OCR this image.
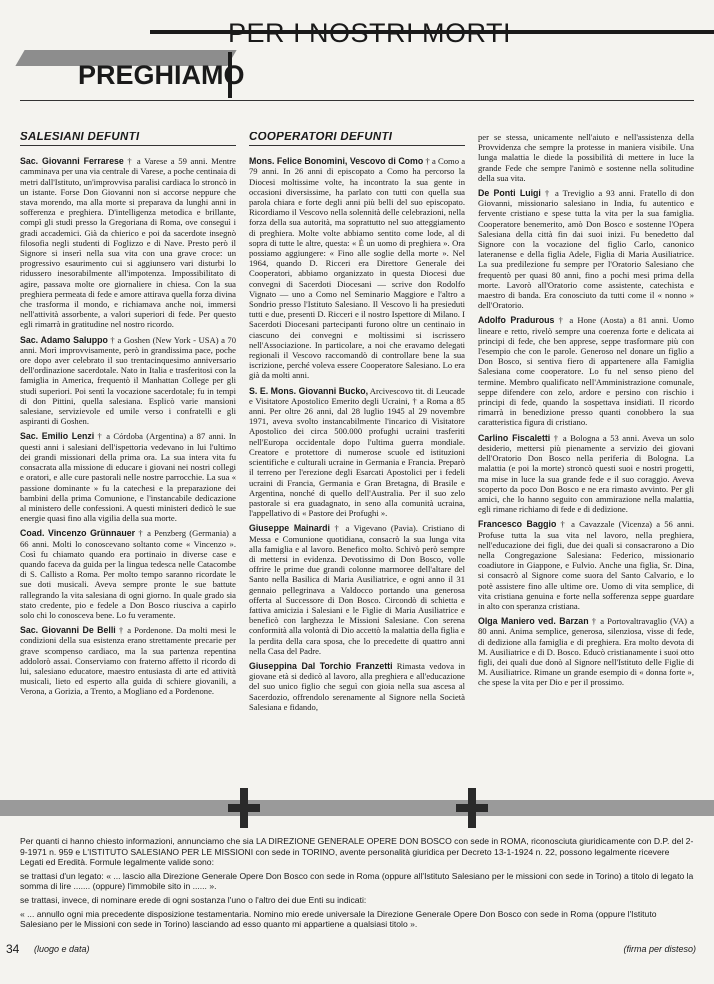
PER I NOSTRI MORTI
PREGHIAMO
SALESIANI DEFUNTI

Sac. Giovanni Ferrarese † a Varese a 59 anni. Mentre camminava per una via centrale di Varese, a poche centinaia di metri dall'Istituto, un'improvvisa paralisi cardiaca lo stroncò in un istante. Forse Don Giovanni non si accorse neppure che stava morendo, ma alla morte si preparava da lunghi anni in sofferenza e preghiera. D'intelligenza metodica e brillante, compì gli studi presso la Gregoriana di Roma, ove conseguì i gradi accademici. Già da chierico e poi da sacerdote insegnò filosofia negli studenti di Foglizzo e di Nave. Presto però il Signore si inserì nella sua vita con una grave croce: un progressivo esaurimento cui si aggiunsero vari disturbi lo ridussero inesorabilmente all'impotenza. Impossibilitato di agire, passava molte ore giornaliere in chiesa. Con la sua preghiera permeata di fede e amore attirava quella forza divina che trasforma il mondo, e richiamava anche noi, immersi nell'attività assorbente, a valori superiori di fede. Per questo egli rimarrà in gratitudine nel nostro ricordo.

Sac. Adamo Saluppo † a Goshen (New York - USA) a 70 anni. Morì improvvisamente, però in grandissima pace, poche ore dopo aver celebrato il suo trentacinquesimo anniversario dell'ordinazione sacerdotale. Nato in Italia e trasferitosi con la famiglia in America, frequentò il Manhattan College per gli studi superiori. Poi sentì la vocazione sacerdotale; fu in tempi di don Pittini, quella salesiana. Esplicò varie mansioni salesiane, servizievole ed umile verso i confratelli e gli aspiranti di Goshen.

Sac. Emilio Lenzi † a Córdoba (Argentina) a 87 anni. In questi anni i salesiani dell'ispettoria vedevano in lui l'ultimo dei grandi missionari della prima ora. La sua intera vita fu consacrata alla missione di educare i giovani nei nostri collegi e oratori, e alle cure pastorali nelle nostre parrocchie. La sua « passione dominante » fu la catechesi e la preparazione dei bambini della prima Comunione, e l'instancabile dedicazione al ministero delle confessioni. A questi ministeri dedicò le sue energie quasi fino alla vigilia della sua morte.

Coad. Vincenzo Grünnauer † a Penzberg (Germania) a 66 anni. Molti lo conoscevano soltanto come « Vincenzo ». Così fu chiamato quando era portinaio in diverse case e quando faceva da guida per la lingua tedesca nelle Catacombe di S. Callisto a Roma. Per molto tempo saranno ricordate le sue doti musicali. Aveva sempre pronte le sue battute rallegrando la vita salesiana di ogni giorno. In quale grado sia stato credente, pio e fedele a Don Bosco riusciva a capirlo solo chi lo conosceva bene. Lo fu veramente.

Sac. Giovanni De Belli † a Pordenone. Da molti mesi le condizioni della sua esistenza erano strettamente precarie per grave scompenso cardiaco, ma la sua partenza repentina addolorò assai. Conserviamo con fraterno affetto il ricordo di lui, salesiano educatore, maestro entusiasta di arte ed attività musicali, lieto ed esperto alla guida di schiere giovanili, a Verona, a Gorizia, a Trento, a Mogliano ed a Pordenone.

COOPERATORI DEFUNTI

Mons. Felice Bonomini, Vescovo di Como † a Como a 79 anni. In 26 anni di episcopato a Como ha percorso la Diocesi moltissime volte, ha incontrato la sua gente in occasioni diversissime, ha parlato con tutti con quella sua parola chiara e forte degli anni più belli del suo episcopato. Ricordiamo il Vescovo nella solennità delle celebrazioni, nella forza della sua autorità, ma soprattutto nel suo atteggiamento di preghiera. Molte volte abbiamo sentito come lode, al di sopra di tutte le altre, questa: « È un uomo di preghiera ». Ora possiamo aggiungere: « Fino alle soglie della morte ». Nel 1964, quando D. Ricceri era Direttore Generale dei Cooperatori, abbiamo organizzato in questa Diocesi due convegni di Sacerdoti Diocesani — scrive don Rodolfo Vignato — uno a Como nel Seminario Maggiore e l'altro a Sondrio presso l'Istituto Salesiano. Il Vescovo li ha presieduti tutti e due, presenti D. Ricceri e il nostro Ispettore di Milano. I Sacerdoti Diocesani partecipanti furono oltre un centinaio in ciascuno dei convegni e moltissimi si iscrissero nell'Associazione. In particolare, a noi che eravamo delegati regionali il Vescovo raccomandò di controllare bene la sua iscrizione, perché voleva essere Cooperatore Salesiano. Lo era già da molti anni.

S. E. Mons. Giovanni Bucko, Arcivescovo tit. di Leucade e Visitatore Apostolico Emerito degli Ucraini, † a Roma a 85 anni. Per oltre 26 anni, dal 28 luglio 1945 al 29 novembre 1971, aveva svolto instancabilmente l'incarico di Visitatore Apostolico dei circa 500.000 profughi ucraini trasferiti nell'Europa occidentale dopo l'ultima guerra mondiale. Creatore e protettore di numerose scuole ed istituzioni scientifiche e culturali ucraine in Germania e Francia. Preparò il terreno per l'erezione degli Esarcati Apostolici per i fedeli ucraini di Francia, Germania e Gran Bretagna, di Brasile e Argentina, nonché di quello dell'Australia. Per il suo zelo pastorale si era guadagnato, in seno alla comunità ucraina, l'appellativo di « Pastore dei Profughi ».

Giuseppe Mainardi † a Vigevano (Pavia). Cristiano di Messa e Comunione quotidiana, consacrò la sua lunga vita alla famiglia e al lavoro. Benefico molto. Schivò però sempre di mettersi in evidenza. Devotissimo di Don Bosco, volle offrire le prime due grandi colonne marmoree dell'altare del Santo nella Basilica di Maria Ausiliatrice, e ogni anno il 31 gennaio pellegrinava a Valdocco portando una generosa offerta al Successore di Don Bosco. Circondò di schietta e fattiva amicizia i Salesiani e le Figlie di Maria Ausiliatrice e beneficò con larghezza le Missioni Salesiane. Con serena conformità alla volontà di Dio accettò la malattia della figlia e la perdita della cara sposa, che lo precedette di quattro anni nella Casa del Padre.

Giuseppina Dal Torchio Franzetti Rimasta vedova in giovane età si dedicò al lavoro, alla preghiera e all'educazione del suo unico figlio che seguì con gioia nella sua ascesa al Sacerdozio, offrendolo serenamente al Signore nella Società Salesiana e fidando,

per se stessa, unicamente nell'aiuto e nell'assistenza della Provvidenza che sempre la protesse in maniera visibile. Una lunga malattia le diede la possibilità di mettere in luce la grande Fede che sempre l'animò e sostenne nella solitudine della sua vita.

De Ponti Luigi † a Treviglio a 93 anni. Fratello di don Giovanni, missionario salesiano in India, fu autentico e fervente cristiano e spese tutta la vita per la sua famiglia. Cooperatore benemerito, amò Don Bosco e sostenne l'Opera Salesiana della città fin dai suoi inizi. Fu benedetto dal Signore con la vocazione del figlio Carlo, canonico lateranense e della figlia Adele, Figlia di Maria Ausiliatrice. La sua predilezione fu sempre per l'Oratorio Salesiano che frequentò per quasi 80 anni, fino a pochi mesi prima della morte. Lavorò all'Oratorio come assistente, catechista e maestro di banda. Era conosciuto da tutti come il « nonno » dell'Oratorio.

Adolfo Pradurous † a Hone (Aosta) a 81 anni. Uomo lineare e retto, rivelò sempre una coerenza forte e delicata ai principi di fede, che ben apprese, seppe trasformare più con l'esempio che con le parole. Generoso nel donare un figlio a Don Bosco, si sentiva fiero di appartenere alla Famiglia Salesiana come cooperatore. Lo fu nel senso pieno del termine. Membro qualificato nell'Amministrazione comunale, seppe difendere con zelo, ardore e persino con rischio i principi di fede, quando la sospettava insidiati. Il ricordo rimarrà in benedizione presso quanti conobbero la sua caratteristica figura di cristiano.

Carlino Fiscaletti † a Bologna a 53 anni. Aveva un solo desiderio, mettersi più pienamente a servizio dei giovani dell'Oratorio Don Bosco nella periferia di Bologna. La malattia (e poi la morte) stroncò questi suoi e nostri progetti, ma mise in luce la sua grande fede e il suo coraggio. Aveva scoperto da poco Don Bosco e ne era rimasto avvinto. Per gli amici, che lo hanno seguito con ammirazione nella malattia, egli rimane richiamo di fede e di dedizione.

Francesco Baggio † a Cavazzale (Vicenza) a 56 anni. Profuse tutta la sua vita nel lavoro, nella preghiera, nell'educazione dei figli, due dei quali si consacrarono a Dio nella Congregazione Salesiana: Federico, missionario coadiutore in Giappone, e Fulvio. Anche una figlia, Sr. Dina, si consacrò al Signore come suora del Santo Calvario, e lo potè assistere fino alle ultime ore. Uomo di vita semplice, di vita cristiana genuina e forte nella sofferenza seppe guardare in alto con speranza cristiana.

Olga Maniero ved. Barzan † a Portovaltravaglio (VA) a 80 anni. Anima semplice, generosa, silenziosa, visse di fede, di dedizione alla famiglia e di preghiera. Era molto devota di M. Ausiliatrice e di D. Bosco. Educò cristianamente i suoi otto figli, dei quali due donò al Signore nell'Istituto delle Figlie di M. Ausiliatrice. Rimane un grande esempio di « donna forte », che spese la vita per Dio e per il prossimo.

Per quanti ci hanno chiesto informazioni, annunciamo che sia LA DIREZIONE GENERALE OPERE DON BOSCO con sede in ROMA, riconosciuta giuridicamente con D.P. del 2-9-1971 n. 959 e L'ISTITUTO SALESIANO PER LE MISSIONI con sede in TORINO, avente personalità giuridica per Decreto 13-1-1924 n. 22, possono legalmente ricevere Legati ed Eredità. Formule legalmente valide sono:

se trattasi d'un legato: « ... lascio alla Direzione Generale Opere Don Bosco con sede in Roma (oppure all'Istituto Salesiano per le missioni con sede in Torino) a titolo di legato la somma di lire ....... (oppure) l'immobile sito in ...... ».

se trattasi, invece, di nominare erede di ogni sostanza l'uno o l'altro dei due Enti su indicati:

« ... annullo ogni mia precedente disposizione testamentaria. Nomino mio erede universale la Direzione Generale Opere Don Bosco con sede in Roma (oppure l'Istituto Salesiano per le Missioni con sede in Torino) lasciando ad esso quanto mi appartiene a qualsiasi titolo ».

34 (luogo e data)	(firma per disteso)
